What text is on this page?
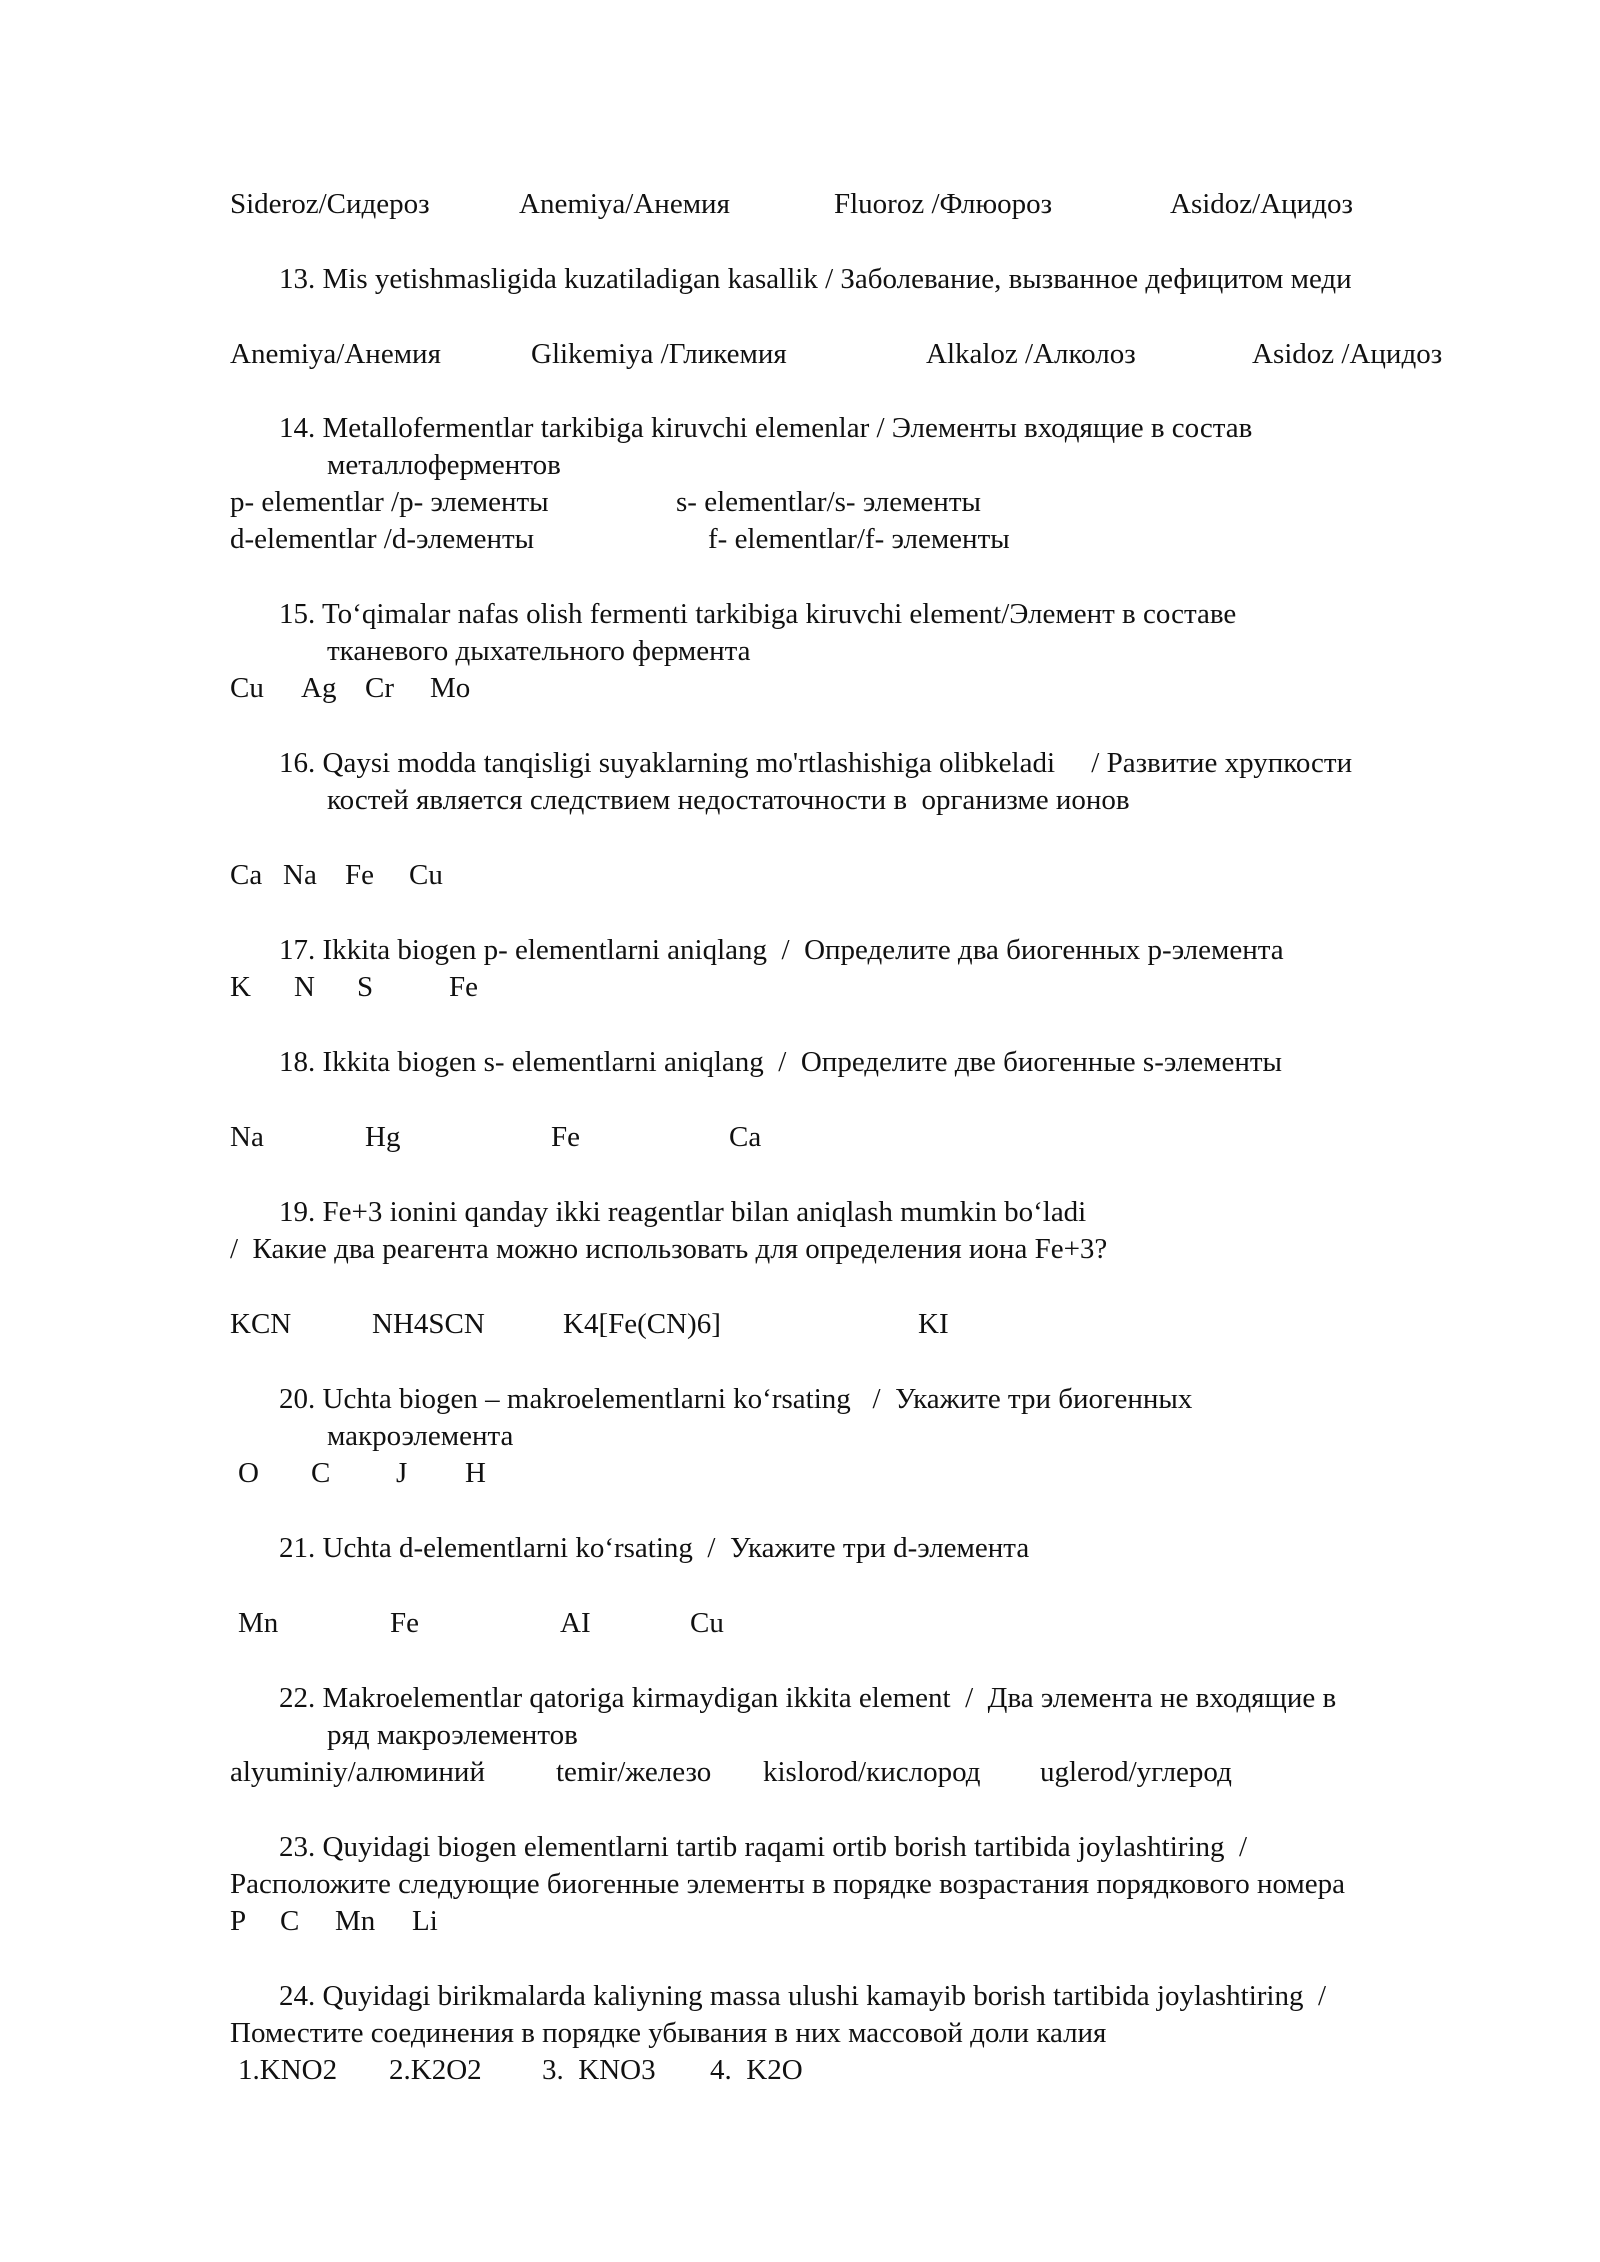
Sideroz/Сидероз	Anemiya/Анемия	Fluoroz /Флюороз	Asidoz/Ацидоз
13. Mis yetishmasligida kuzatiladigan kasallik / Заболевание, вызванное дефицитом меди
Anemiya/Анемия	Glikemiya /Гликемия	Alkaloz /Алколоз	Asidoz /Ацидоз
14. Metallofermentlar tarkibiga kiruvchi elemenlar / Элементы входящие в состав
металлоферментов
p- elementlar /p- элементы	s- elementlar/s- элементы
d-elementlar /d-элементы	f- elementlar/f- элементы
15. To‘qimalar nafas olish fermenti tarkibiga kiruvchi element/Элемент в составе
тканевого дыхательного фермента
Cu Ag Cr Mo
16. Qaysi modda tanqisligi suyaklarning mo'rtlashishiga olibkeladi     / Развитие хрупкости
костей является следствием недостаточности в  организме ионов
Ca Na Fe Cu
17. Ikkita biogen p- elementlarni aniqlang  /  Определите два биогенных р-элемента
K N S	Fe
18. Ikkita biogen s- elementlarni aniqlang  /  Определите две биогенные s-элементы
Na	Hg	Fe	Ca
19. Fe+3 ionini qanday ikki reagentlar bilan aniqlash mumkin bo‘ladi
/  Какие два реагента можно использовать для определения иона Fe+3?
KCN	NH4SCN	K4[Fe(CN)6]	KI
20. Uchta biogen – makroelementlarni ko‘rsating   /  Укажите три биогенных
макроэлемента
O C J H
21. Uchta d-elementlarni ko‘rsating  /  Укажите три d-элемента
Mn	Fe	AI	Cu
22. Makroelementlar qatoriga kirmaydigan ikkita element  /  Два элемента не входящие в
ряд макроэлементов
alyuminiy/алюминий temir/железо kislorod/кислород uglerod/углерод
23. Quyidagi biogen elementlarni tartib raqami ortib borish tartibida joylashtiring  /
Расположите следующие биогенные элементы в порядке возрастания порядкового номера
P C Mn Li
24. Quyidagi birikmalarda kaliyning massa ulushi kamayib borish tartibida joylashtiring  /
Поместите соединения в порядке убывания в них массовой доли калия
1.KNO2 2.K2O2 3.  KNO3 4.  K2O
